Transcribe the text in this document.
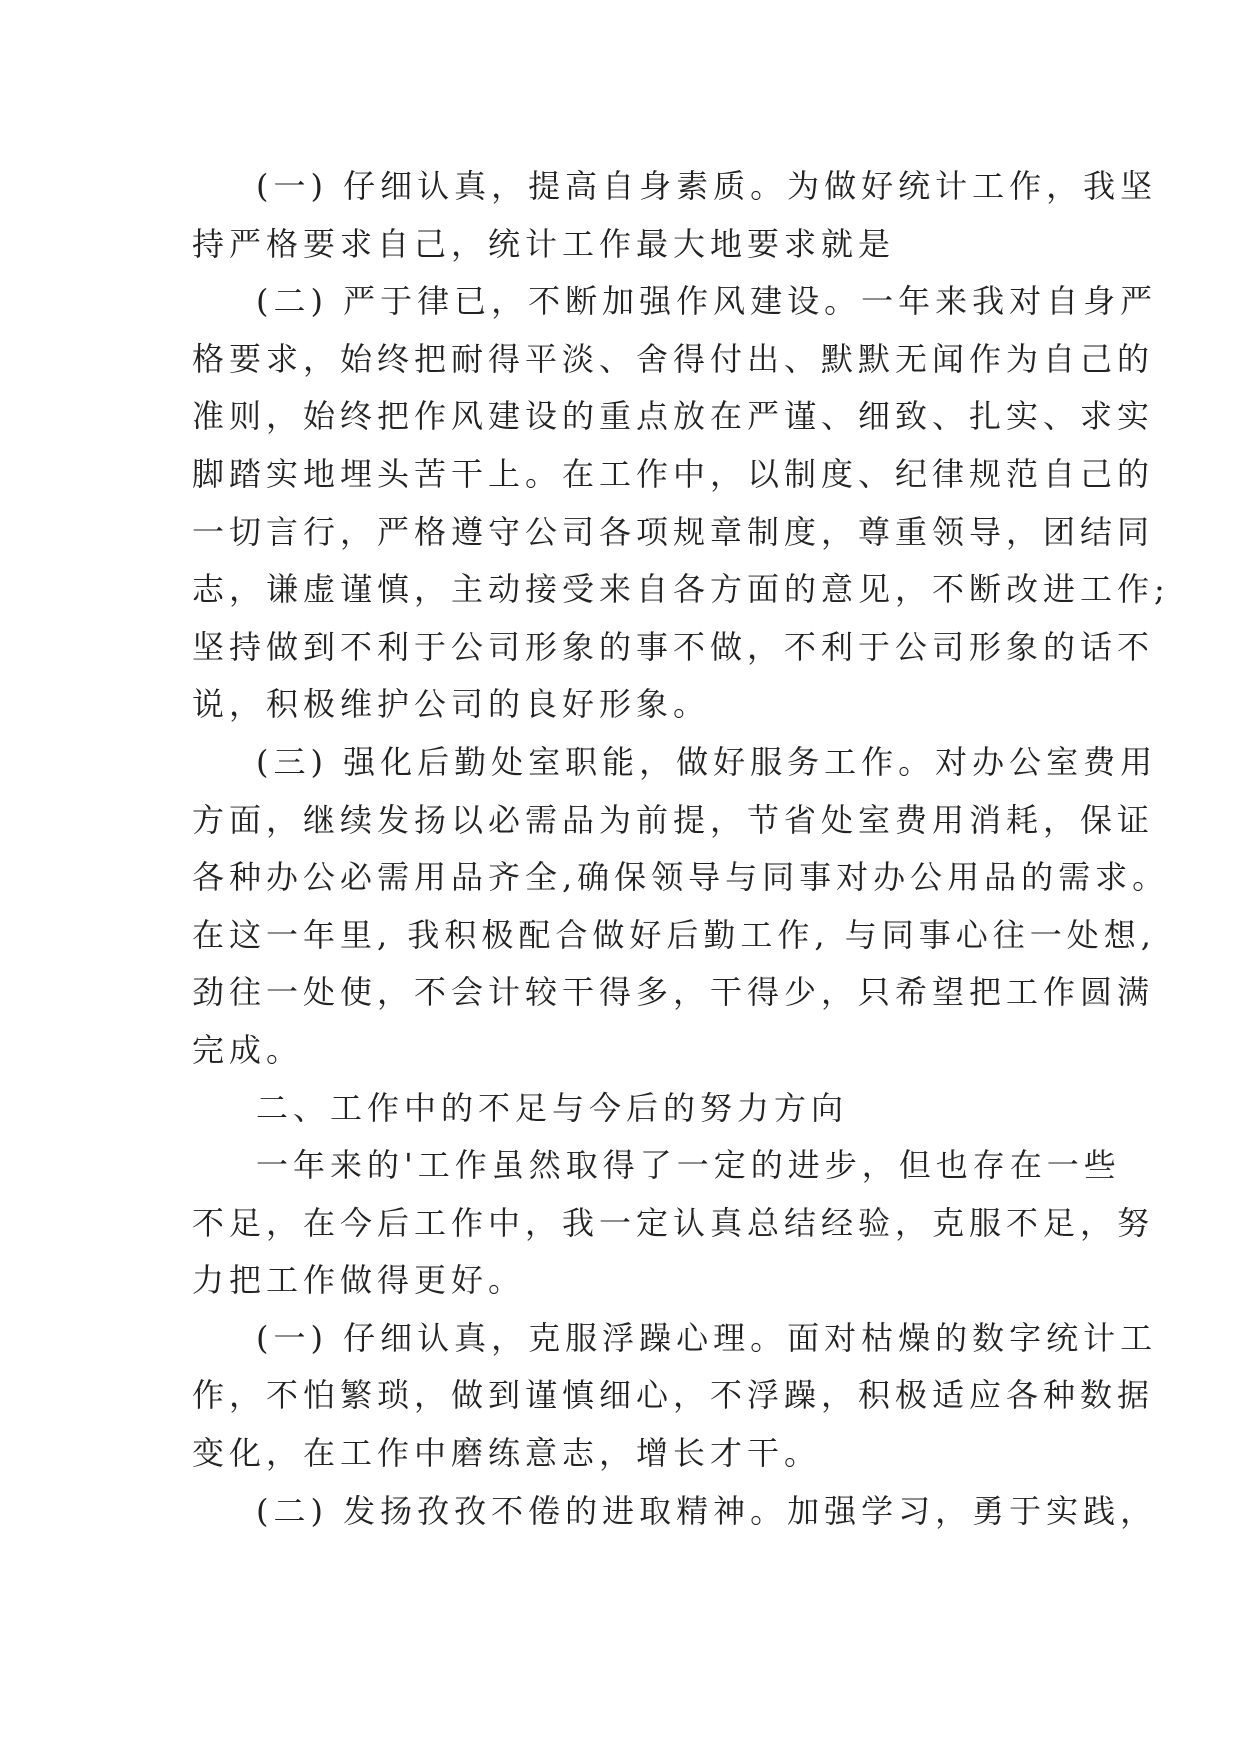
(一) 仔细认真，提高自身素质。为做好统计工作，我坚
持严格要求自己，统计工作最大地要求就是

(二) 严于律已，不断加强作风建设。一年来我对自身严
格要求，始终把耐得平淡、舍得付出、默默无闻作为自己的
准则，始终把作风建设的重点放在严谨、细致、扎实、求实
脚踏实地埋头苦干上。在工作中，以制度、纪律规范自己的
一切言行，严格遵守公司各项规章制度，尊重领导，团结同
志，谦虚谨慎，主动接受来自各方面的意见，不断改进工作;
坚持做到不利于公司形象的事不做，不利于公司形象的话不
说，积极维护公司的良好形象。

(三) 强化后勤处室职能，做好服务工作。对办公室费用
方面，继续发扬以必需品为前提，节省处室费用消耗，保证
各种办公必需用品齐全,确保领导与同事对办公用品的需求。
在这一年里, 我积极配合做好后勤工作, 与同事心往一处想,
劲往一处使，不会计较干得多，干得少，只希望把工作圆满
完成。

二、工作中的不足与今后的努力方向

一年来的'工作虽然取得了一定的进步，但也存在一些
不足，在今后工作中，我一定认真总结经验，克服不足，努
力把工作做得更好。

(一) 仔细认真，克服浮躁心理。面对枯燥的数字统计工
作，不怕繁琐，做到谨慎细心，不浮躁，积极适应各种数据
变化，在工作中磨练意志，增长才干。

(二) 发扬孜孜不倦的进取精神。加强学习，勇于实践，
